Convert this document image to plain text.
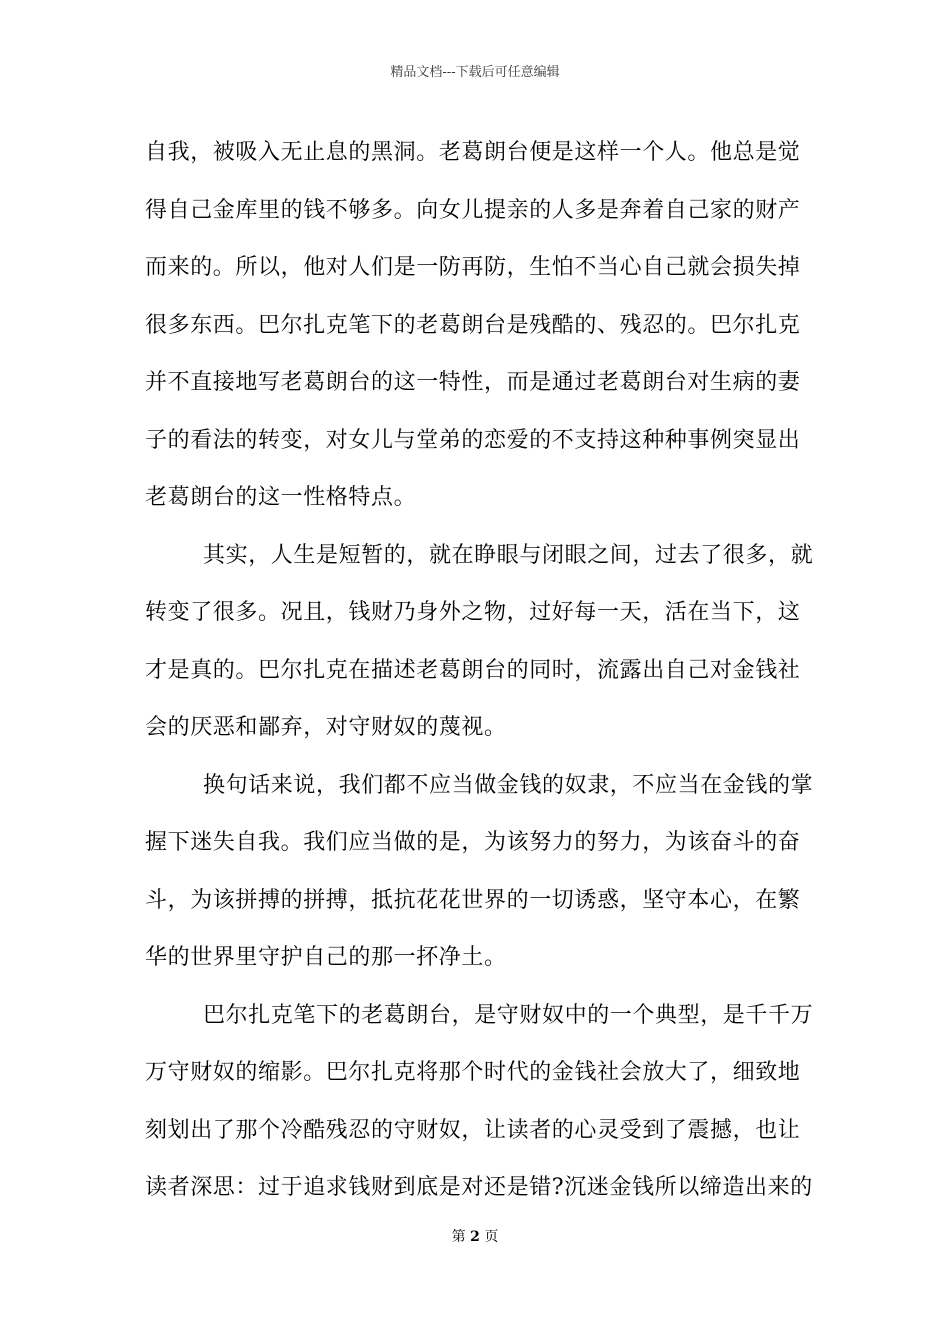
精品文档---下载后可任意编辑
自我，被吸入无止息的黑洞。老葛朗台便是这样一个人。他总是觉
得自己金库里的钱不够多。向女儿提亲的人多是奔着自己家的财产
而来的。所以，他对人们是一防再防，生怕不当心自己就会损失掉
很多东西。巴尔扎克笔下的老葛朗台是残酷的、残忍的。巴尔扎克
并不直接地写老葛朗台的这一特性，而是通过老葛朗台对生病的妻
子的看法的转变，对女儿与堂弟的恋爱的不支持这种种事例突显出
老葛朗台的这一性格特点。
其实，人生是短暂的，就在睁眼与闭眼之间，过去了很多，就
转变了很多。况且，钱财乃身外之物，过好每一天，活在当下，这
才是真的。巴尔扎克在描述老葛朗台的同时，流露出自己对金钱社
会的厌恶和鄙弃，对守财奴的蔑视。
换句话来说，我们都不应当做金钱的奴隶，不应当在金钱的掌
握下迷失自我。我们应当做的是，为该努力的努力，为该奋斗的奋
斗，为该拼搏的拼搏，抵抗花花世界的一切诱惑，坚守本心，在繁
华的世界里守护自己的那一抔净土。
巴尔扎克笔下的老葛朗台，是守财奴中的一个典型，是千千万
万守财奴的缩影。巴尔扎克将那个时代的金钱社会放大了，细致地
刻划出了那个冷酷残忍的守财奴，让读者的心灵受到了震撼，也让
读者深思：过于追求钱财到底是对还是错?沉迷金钱所以缔造出来的
第 2 页
